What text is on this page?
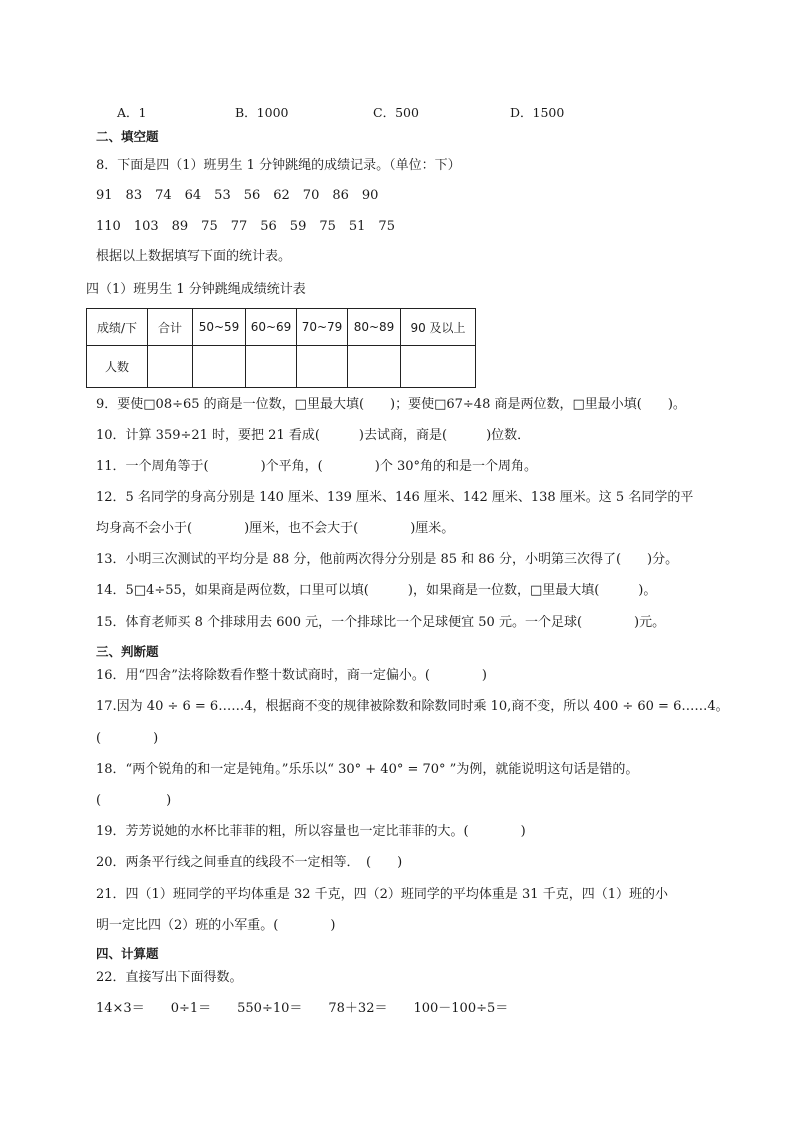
A．1	B．1000	C．500	D．1500
二、填空题
8．下面是四（1）班男生 1 分钟跳绳的成绩记录。（单位：下）
91　83　74　64　53　56　62　70　86　90
110　103　89　75　77　56　59　75　51　75
根据以上数据填写下面的统计表。
四（1）班男生 1 分钟跳绳成绩统计表
成绩/下	合计	50~59	60~69	70~79	80~89	90 及以上
人数						
9．要使□08÷65 的商是一位数，□里最大填(　　)；要使□67÷48 商是两位数，□里最小填(　　)。
10．计算 359÷21 时，要把 21 看成(　　　)去试商，商是(　　　)位数．
11．一个周角等于(　　　　)个平角，(　　　　)个 30°角的和是一个周角。
12．5 名同学的身高分别是 140 厘米、139 厘米、146 厘米、142 厘米、138 厘米。这 5 名同学的平
均身高不会小于(　　　　)厘米，也不会大于(　　　　)厘米。
13．小明三次测试的平均分是 88 分，他前两次得分分别是 85 和 86 分，小明第三次得了(　　)分。
14．5□4÷55，如果商是两位数，口里可以填(　　　)，如果商是一位数，□里最大填(　　　)。
15．体育老师买 8 个排球用去 600 元，一个排球比一个足球便宜 50 元。一个足球(　　　　)元。
三、判断题
16．用“四舍”法将除数看作整十数试商时，商一定偏小。(　　　　)
17.因为 40 ÷ 6 = 6……4，根据商不变的规律被除数和除数同时乘 10,商不变，所以 400 ÷ 60 = 6……4。
(　　　　)
18．“两个锐角的和一定是钝角。”乐乐以“ 30° + 40° = 70° ”为例，就能说明这句话是错的。
(　　　　　)
19．芳芳说她的水杯比菲菲的粗，所以容量也一定比菲菲的大。(　　　　)
20．两条平行线之间垂直的线段不一定相等．　(　　)
21．四（1）班同学的平均体重是 32 千克，四（2）班同学的平均体重是 31 千克，四（1）班的小
明一定比四（2）班的小军重。(　　　　)
四、计算题
22．直接写出下面得数。
14×3＝　　0÷1＝　　550÷10＝　　78＋32＝　　100－100÷5＝
